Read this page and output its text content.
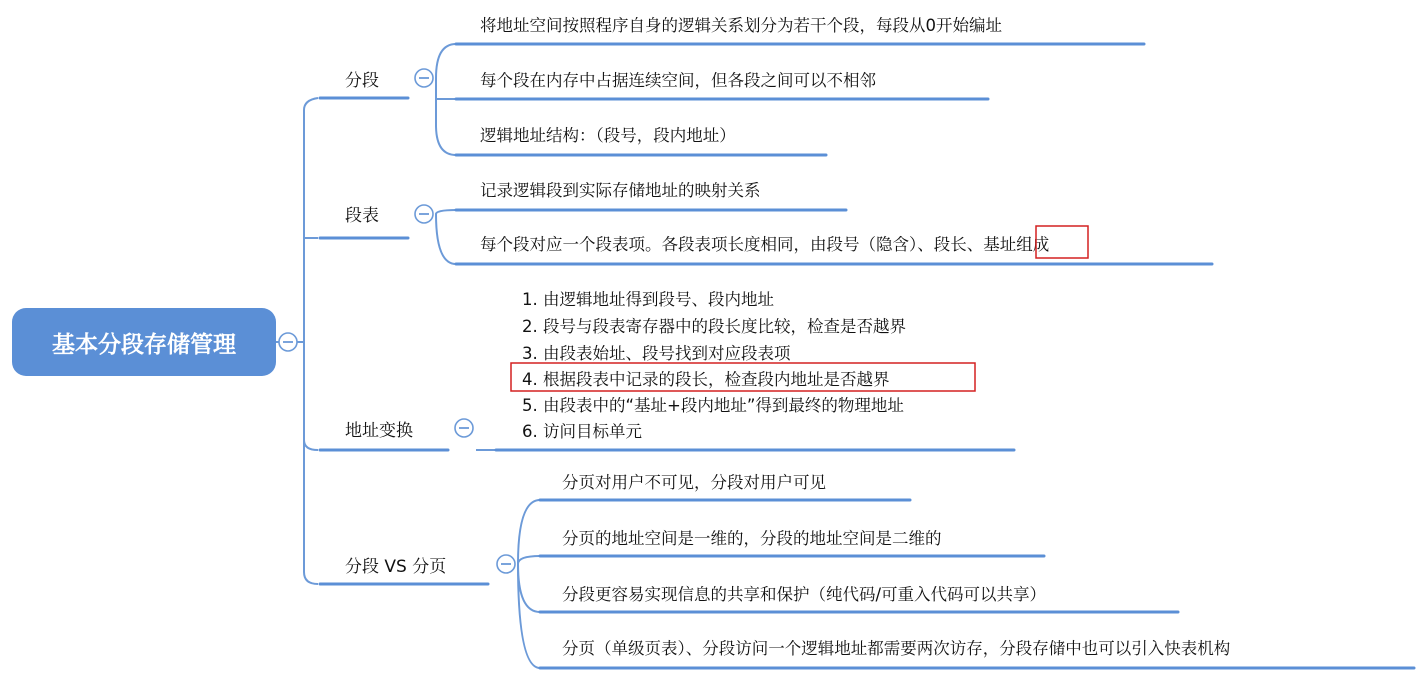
基本分段存储管理
分段
段表
地址变换
分段 VS 分页
将地址空间按照程序自身的逻辑关系划分为若干个段，每段从0开始编址
每个段在内存中占据连续空间，但各段之间可以不相邻
逻辑地址结构：（段号，段内地址）
记录逻辑段到实际存储地址的映射关系
每个段对应一个段表项。各段表项长度相同，由段号（隐含）、段长、基址组成
1. 由逻辑地址得到段号、段内地址
2. 段号与段表寄存器中的段长度比较，检查是否越界
3. 由段表始址、段号找到对应段表项
4. 根据段表中记录的段长，检查段内地址是否越界
5. 由段表中的“基址+段内地址”得到最终的物理地址
6. 访问目标单元
分页对用户不可见，分段对用户可见
分页的地址空间是一维的，分段的地址空间是二维的
分段更容易实现信息的共享和保护（纯代码/可重入代码可以共享）
分页（单级页表）、分段访问一个逻辑地址都需要两次访存，分段存储中也可以引入快表机构
